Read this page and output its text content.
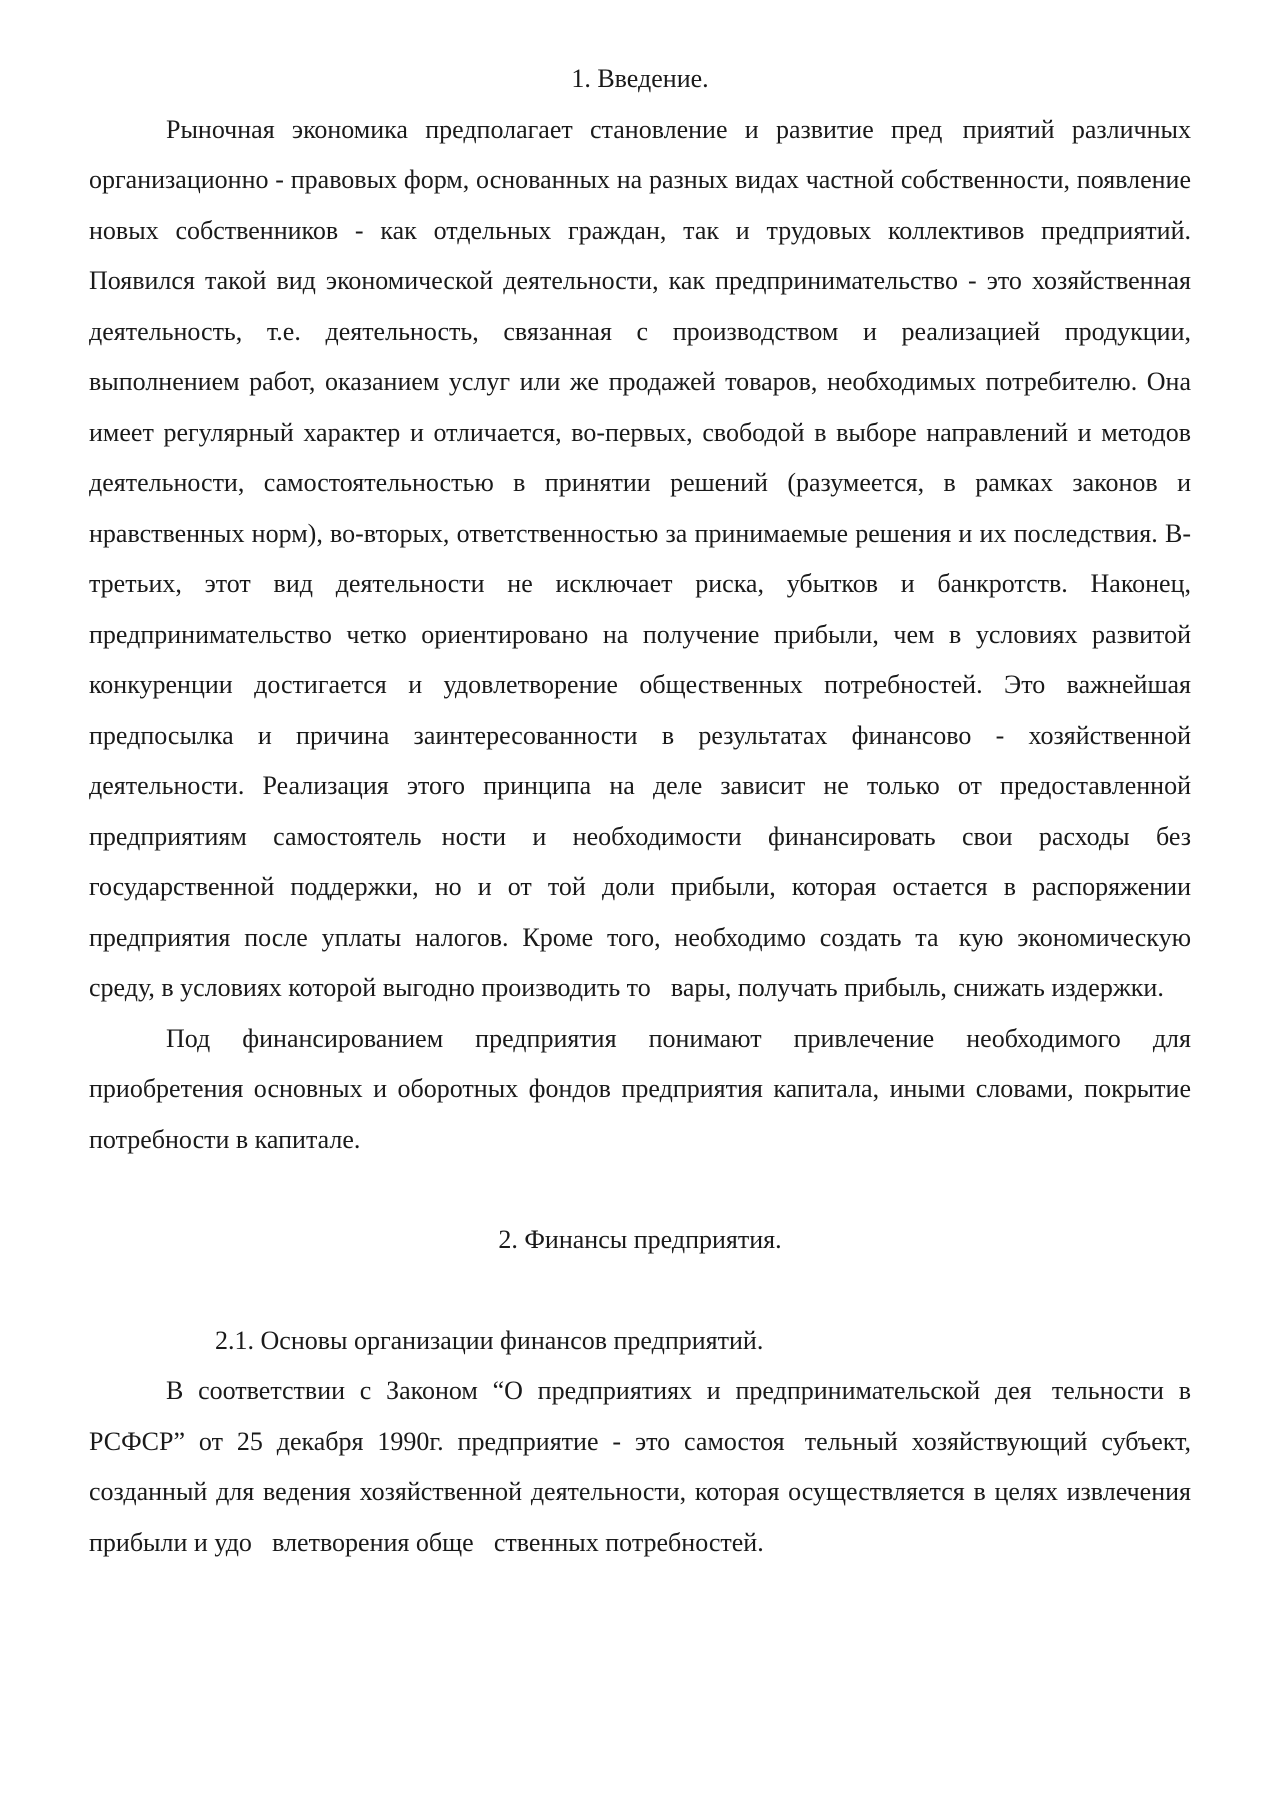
1. Введение.

Рыночная экономика предполагает становление и развитие пред􏰀приятий различных организационно - правовых форм, основанных на разных видах частной собственности, появление новых собственников - как отдельных граждан, так и трудовых коллективов предприятий. Появился такой вид экономической деятельности, как предпринимательство - это хозяйственная деятельность, т.е. деятельность, связанная с производством и реализацией продукции, выполнением работ, оказанием услуг или же продажей товаров, необходимых потребителю. Она имеет регулярный характер и отличается, во-первых, свободой в выборе направлений и методов деятельности, самостоятельностью в принятии решений (разумеется, в рамках законов и нравственных норм), во-вторых, ответственностью за принимаемые решения и их последствия. В-третьих, этот вид деятельности не исключает риска, убытков и банкротств. Наконец, предпринимательство четко ориентировано на получение прибыли, чем в условиях развитой конкуренции достигается и удовлетворение общественных потребностей. Это важнейшая предпосылка и причина заинтересованности в результатах финансово - хозяйственной деятельности. Реализация этого принципа на деле зависит не только от предоставленной предприятиям самостоятель􏰀ности и необходимости финансировать свои расходы без государственной поддержки, но и от той доли прибыли, которая остается в распоряжении предприятия после уплаты налогов. Кроме того, необходимо создать та􏰀кую экономическую среду, в условиях которой выгодно производить то􏰀вары, получать прибыль, снижать издержки.

Под финансированием предприятия понимают привлечение необходимого для приобретения основных и оборотных фондов предприятия капитала, иными словами, покрытие потребности в капитале.

2. Финансы предприятия.

2.1. Основы организации финансов предприятий.

В соответствии с Законом “О предприятиях и предпринимательской дея􏰀тельности в РСФСР” от 25 декабря 1990г. предприятие - это самостоя􏰀тельный хозяйствующий субъект, созданный для ведения хозяйственной деятельности, которая осуществляется в целях извлечения прибыли и удо􏰀влетворения обще􏰀ственных потребностей.
